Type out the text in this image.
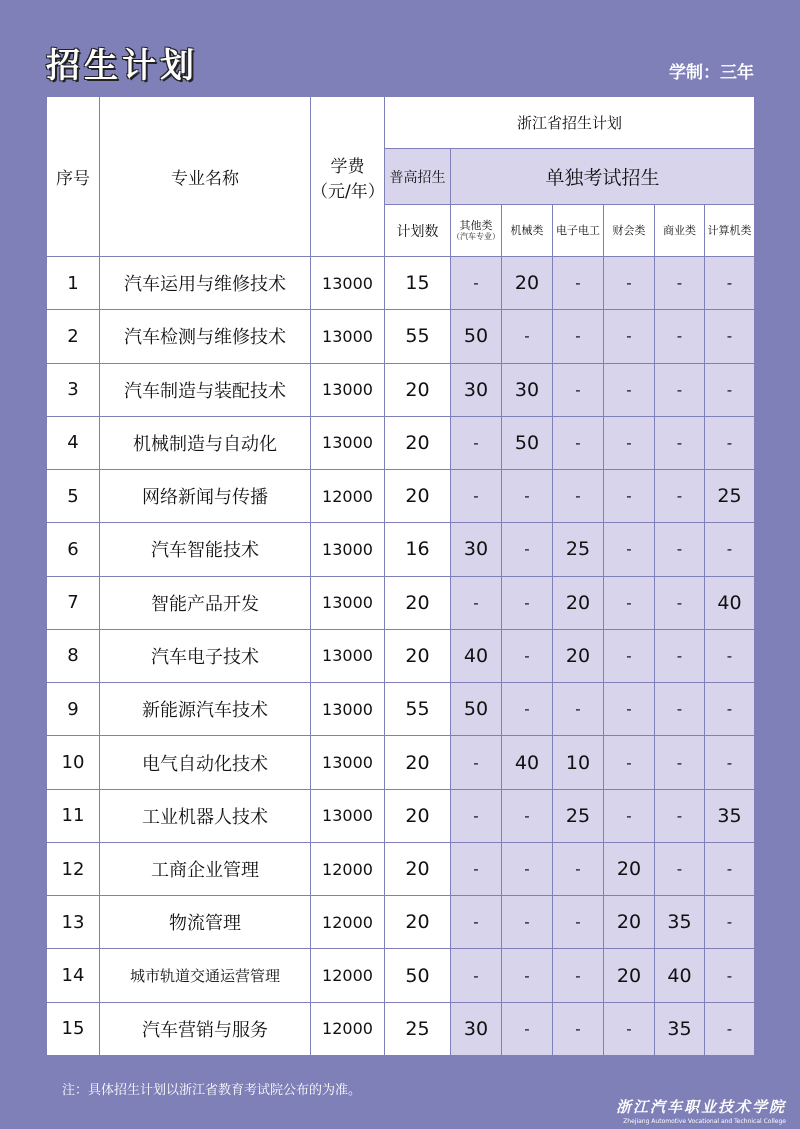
招生计划	学制：三年
序号	专业名称	学费
（元/年）	浙江省招生计划						
			普高招生	单独考试招生					
			计划数	其他类
（汽车专业）	机械类	电子电工	财会类	商业类	计算机类
1	汽车运用与维修技术	13000	15	-	20	-	-	-	-
2	汽车检测与维修技术	13000	55	50	-	-	-	-	-
3	汽车制造与装配技术	13000	20	30	30	-	-	-	-
4	机械制造与自动化	13000	20	-	50	-	-	-	-
5	网络新闻与传播	12000	20	-	-	-	-	-	25
6	汽车智能技术	13000	16	30	-	25	-	-	-
7	智能产品开发	13000	20	-	-	20	-	-	40
8	汽车电子技术	13000	20	40	-	20	-	-	-
9	新能源汽车技术	13000	55	50	-	-	-	-	-
10	电气自动化技术	13000	20	-	40	10	-	-	-
11	工业机器人技术	13000	20	-	-	25	-	-	35
12	工商企业管理	12000	20	-	-	-	20	-	-
13	物流管理	12000	20	-	-	-	20	35	-
14	城市轨道交通运营管理	12000	50	-	-	-	20	40	-
15	汽车营销与服务	12000	25	30	-	-	-	35	-
注：具体招生计划以浙江省教育考试院公布的为准。
浙江汽车职业技术学院
Zhejiang Automotive Vocational and Technical College
